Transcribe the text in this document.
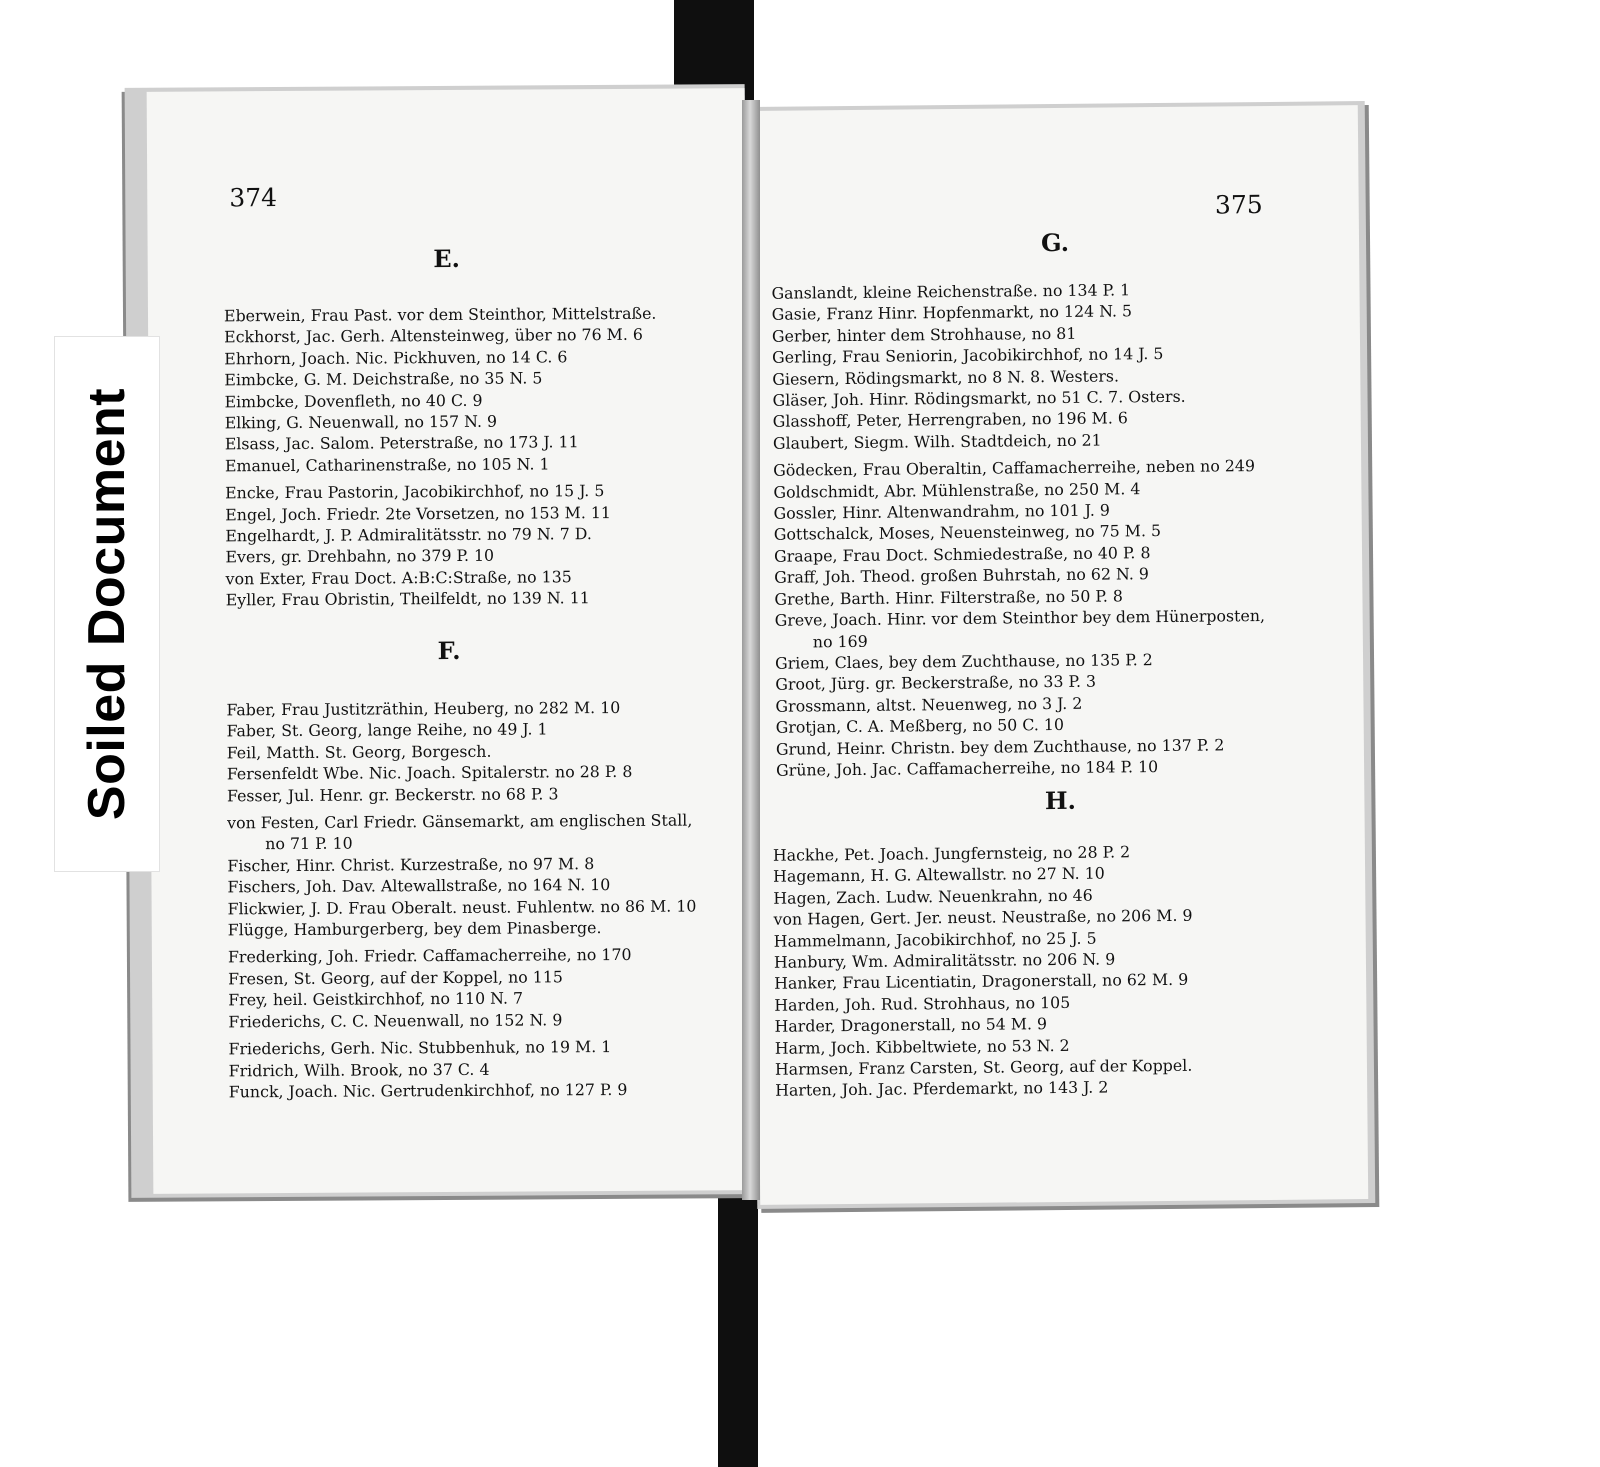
374
E.
Eberwein, Frau Past. vor dem Steinthor, Mittelstraße.
Eckhorst, Jac. Gerh. Altensteinweg, über no 76 M. 6
Ehrhorn, Joach. Nic. Pickhuven, no 14 C. 6
Eimbcke, G. M. Deichstraße, no 35 N. 5
Eimbcke, Dovenfleth, no 40 C. 9
Elking, G. Neuenwall, no 157 N. 9
Elsass, Jac. Salom. Peterstraße, no 173 J. 11
Emanuel, Catharinenstraße, no 105 N. 1
Encke, Frau Pastorin, Jacobikirchhof, no 15 J. 5
Engel, Joch. Friedr. 2te Vorsetzen, no 153 M. 11
Engelhardt, J. P. Admiralitätsstr. no 79 N. 7 D.
Evers, gr. Drehbahn, no 379 P. 10
von Exter, Frau Doct. A:B:C:Straße, no 135
Eyller, Frau Obristin, Theilfeldt, no 139 N. 11
F.
Faber, Frau Justitzräthin, Heuberg, no 282 M. 10
Faber, St. Georg, lange Reihe, no 49 J. 1
Feil, Matth. St. Georg, Borgesch.
Fersenfeldt Wbe. Nic. Joach. Spitalerstr. no 28 P. 8
Fesser, Jul. Henr. gr. Beckerstr. no 68 P. 3
von Festen, Carl Friedr. Gänsemarkt, am englischen Stall,
no 71 P. 10
Fischer, Hinr. Christ. Kurzestraße, no 97 M. 8
Fischers, Joh. Dav. Altewallstraße, no 164 N. 10
Flickwier, J. D. Frau Oberalt. neust. Fuhlentw. no 86 M. 10
Flügge, Hamburgerberg, bey dem Pinasberge.
Frederking, Joh. Friedr. Caffamacherreihe, no 170
Fresen, St. Georg, auf der Koppel, no 115
Frey, heil. Geistkirchhof, no 110 N. 7
Friederichs, C. C. Neuenwall, no 152 N. 9
Friederichs, Gerh. Nic. Stubbenhuk, no 19 M. 1
Fridrich, Wilh. Brook, no 37 C. 4
Funck, Joach. Nic. Gertrudenkirchhof, no 127 P. 9
375
G.
Ganslandt, kleine Reichenstraße. no 134 P. 1
Gasie, Franz Hinr. Hopfenmarkt, no 124 N. 5
Gerber, hinter dem Strohhause, no 81
Gerling, Frau Seniorin, Jacobikirchhof, no 14 J. 5
Giesern, Rödingsmarkt, no 8 N. 8. Westers.
Gläser, Joh. Hinr. Rödingsmarkt, no 51 C. 7. Osters.
Glasshoff, Peter, Herrengraben, no 196 M. 6
Glaubert, Siegm. Wilh. Stadtdeich, no 21
Gödecken, Frau Oberaltin, Caffamacherreihe, neben no 249
Goldschmidt, Abr. Mühlenstraße, no 250 M. 4
Gossler, Hinr. Altenwandrahm, no 101 J. 9
Gottschalck, Moses, Neuensteinweg, no 75 M. 5
Graape, Frau Doct. Schmiedestraße, no 40 P. 8
Graff, Joh. Theod. großen Buhrstah, no 62 N. 9
Grethe, Barth. Hinr. Filterstraße, no 50 P. 8
Greve, Joach. Hinr. vor dem Steinthor bey dem Hünerposten,
no 169
Griem, Claes, bey dem Zuchthause, no 135 P. 2
Groot, Jürg. gr. Beckerstraße, no 33 P. 3
Grossmann, altst. Neuenweg, no 3 J. 2
Grotjan, C. A. Meßberg, no 50 C. 10
Grund, Heinr. Christn. bey dem Zuchthause, no 137 P. 2
Grüne, Joh. Jac. Caffamacherreihe, no 184 P. 10
H.
Hackhe, Pet. Joach. Jungfernsteig, no 28 P. 2
Hagemann, H. G. Altewallstr. no 27 N. 10
Hagen, Zach. Ludw. Neuenkrahn, no 46
von Hagen, Gert. Jer. neust. Neustraße, no 206 M. 9
Hammelmann, Jacobikirchhof, no 25 J. 5
Hanbury, Wm. Admiralitätsstr. no 206 N. 9
Hanker, Frau Licentiatin, Dragonerstall, no 62 M. 9
Harden, Joh. Rud. Strohhaus, no 105
Harder, Dragonerstall, no 54 M. 9
Harm, Joch. Kibbeltwiete, no 53 N. 2
Harmsen, Franz Carsten, St. Georg, auf der Koppel.
Harten, Joh. Jac. Pferdemarkt, no 143 J. 2
Soiled Document
